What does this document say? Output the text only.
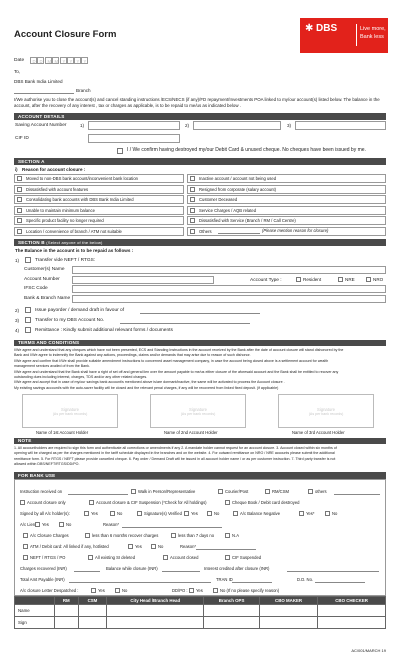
Account Closure Form
✱ DBS	Live more,
Bank less
Date D D M M Y Y Y Y
To,
DBS Bank India Limited
Branch
I/We authorise you to close the account(s) and cancel standing instructions /ECS/NECS (if any)/FD repayment/Investments POA linked to my/our account(s) listed below. The balance in the account, after the recovery of any interest , tax or charges as applicable, is to be repaid to me/us as indicated below .
ACCOUNT DETAILS
Saving Account Number	1)	2)	3)
CIF ID
I / We confirm having destroyed my/our Debit Card & unused cheque. No cheques have been issued by me.
SECTION A
i) Reason for account closure :
SECTION B (Select anyone of the below)
The Balance in the account is to be repaid as follows :
1)	Transfer vide NEFT / RTGS:
Account Type :
TERMS AND CONDITIONS
NOTE
FOR BANK USE
	RM	CSM	City Head /Branch Head	Branch OPS	CBO MAKER	CBO CHECKER
Name						
Sign						
AC/001/MARCH 19
Moved to non-DBS bank account/inconvenient bank location
Dissatisfied with account features
Consolidating bank accounts with DBS Bank India Limited
Unable to maintain minimum balance
Specific product facility no longer required
Location / convenience of branch / ATM not suitable
Inactive account / account not being used
Resigned from corporate (salary account)
Customer Deceased
Service Charges / AQB related
Dissatisfied with Service (Branch / RM / Call Centre)
Others	(Please mention reason for closure)
Customer(s) Name
Account Number
IFSC Code
Bank & Branch Name
Resident	NRE	NRO
2)	Issue payorder / demand draft in favour of
3)	Transfer to my DBS Account No.
4)	Remittance : Kindly submit additional relevant forms / documents
I/We agree and understand that any cheques which have not been presented, ECS and Standing Instructions in the account received by the Bank after the date of account closure will stand dishonored by the
Bank and I/We agree to indemnify the Bank against any actions, proceedings, claims and/or demands that may arise due to reason of such dishonor.
I/We agree and confirm that I/We shall provide suitable amendment instructions to concerned asset management company, in case the account being closed above is a settlement account for wealth
management services availed of from the Bank.
I/We agree and understand that the Bank shall have a right of set off and general lien over the amount payable to me/us either closure of the aforesaid account and the Bank shall be entitled to recover any
outstanding dues including interest, charges, TDS and/or any other related charges.
I/We agree and accept that in case of my/our savings bank account/s mentioned above is/are dormant/inactive, the same will be activated to process the Account closure .
My existing savings account/s with the auto-saver facility will be closed and the relevant penal charges, if any will be recovered from linked fixed deposit. (if applicable)
Signature
(As per bank records)
Name of 1st Account Holder
Signature
(As per bank records)
Name of 2nd Account Holder
Signature
(As per bank records)
Name of 3rd Account Holder
1. All accountholders are required to sign this form and authenticate all corrections or amendments if any 2. A mandate holder cannot request for an account closure. 3. Account closed within six months of
opening will be charged as per the charges mentioned in the tariff schedule displayed in the branches and on the website. 4. For outward remittance on NRO / NRE accounts please submit the additional
remittance form. 5. For RTGS / NEFT please provide cancelled cheque. 6. Pay order / Demand Draft will be issued in all account holder name / or as per customer instruction. 7. Third party transfer is not
allowed within DBS/NEFT/RTGS/DD/PO.
Instruction received on	Walk in Person/Representative	Courier/Post	RM/CSM	others
Account closure only	Account closure & CIF Suspension (*Check for All holdings)	Cheque Book / Debit card destroyed
Signed by all A/c holder(s):	Yes	No	Signature(s) Verified Yes	No	A/c Balance Negative	Yes*	No
A/c Lien Yes	No	Reason*
A/c Closure Charges	less than 6 months recover charges	less than 7 days no	N.A
ATM / Debit card: All linked if any, hotlisted	Yes	No	Reason*
NEFT / RTGS / PO	All existing SI deleted	Account closed	CIF Suspended
Charges recovered (INR)	Balance while closure (INR)	Interest credited after closure (INR)
Total Amt Payable (INR)	TRAN ID	D.D. No.
A/c closure Letter Despatched :	Yes	No	DD/PO : Yes	No (If no please specify reason)
